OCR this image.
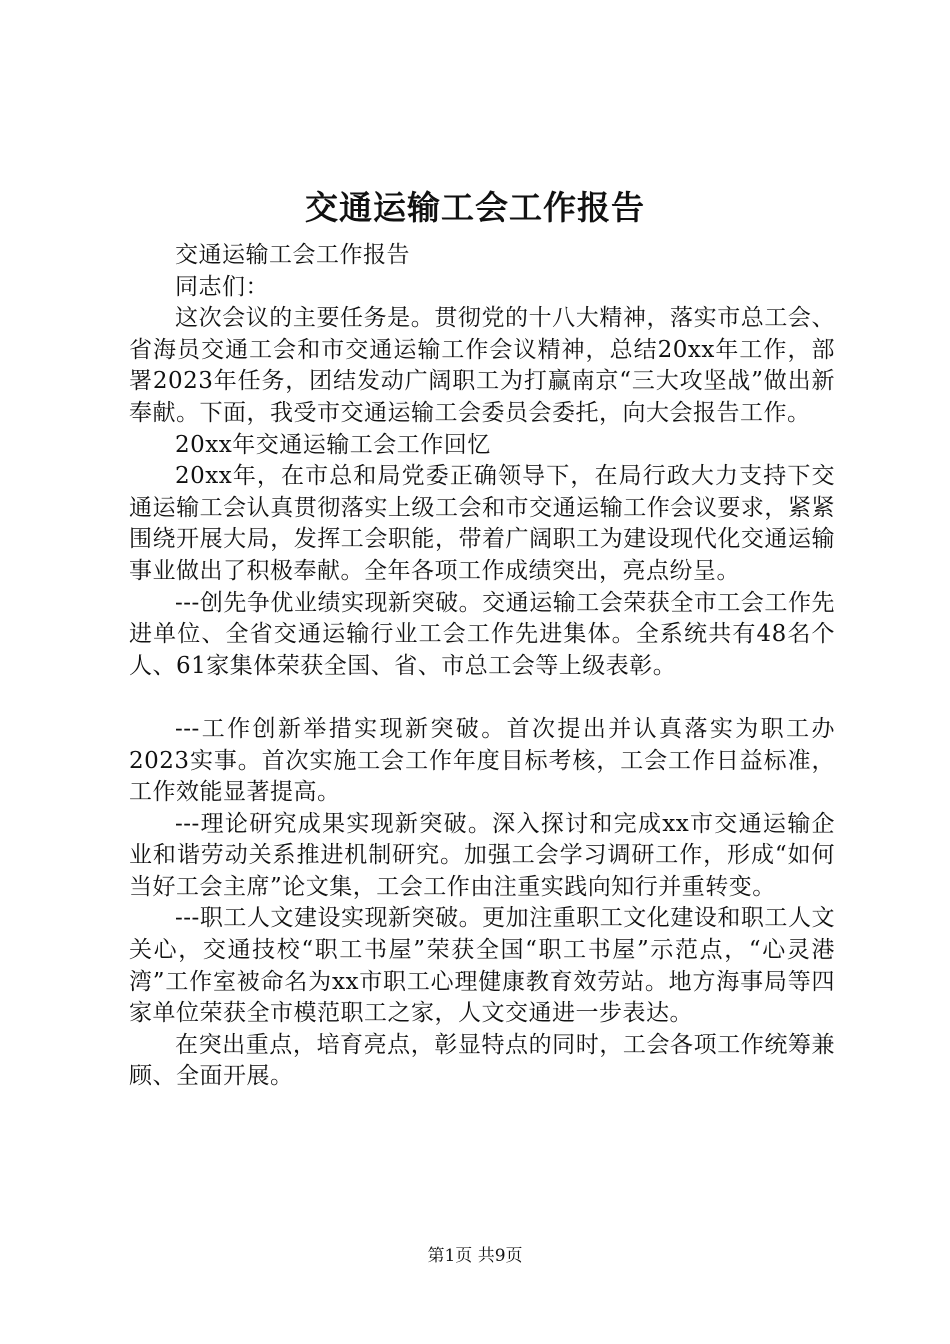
交通运输工会工作报告

交通运输工会工作报告

同志们：

这次会议的主要任务是。贯彻党的十八大精神，落实市总工会、省海员交通工会和市交通运输工作会议精神，总结20xx年工作，部署2023年任务，团结发动广阔职工为打赢南京“三大攻坚战”做出新奉献。下面，我受市交通运输工会委员会委托，向大会报告工作。

20xx年交通运输工会工作回忆

20xx年，在市总和局党委正确领导下，在局行政大力支持下交通运输工会认真贯彻落实上级工会和市交通运输工作会议要求，紧紧围绕开展大局，发挥工会职能，带着广阔职工为建设现代化交通运输事业做出了积极奉献。全年各项工作成绩突出，亮点纷呈。

---创先争优业绩实现新突破。交通运输工会荣获全市工会工作先进单位、全省交通运输行业工会工作先进集体。全系统共有48名个人、61家集体荣获全国、省、市总工会等上级表彰。

---工作创新举措实现新突破。首次提出并认真落实为职工办2023实事。首次实施工会工作年度目标考核，工会工作日益标准，工作效能显著提高。

---理论研究成果实现新突破。深入探讨和完成xx市交通运输企业和谐劳动关系推进机制研究。加强工会学习调研工作，形成“如何当好工会主席”论文集，工会工作由注重实践向知行并重转变。

---职工人文建设实现新突破。更加注重职工文化建设和职工人文关心，交通技校“职工书屋”荣获全国“职工书屋”示范点，“心灵港湾”工作室被命名为xx市职工心理健康教育效劳站。地方海事局等四家单位荣获全市模范职工之家，人文交通进一步表达。

在突出重点，培育亮点，彰显特点的同时，工会各项工作统筹兼顾、全面开展。

第1页 共9页
